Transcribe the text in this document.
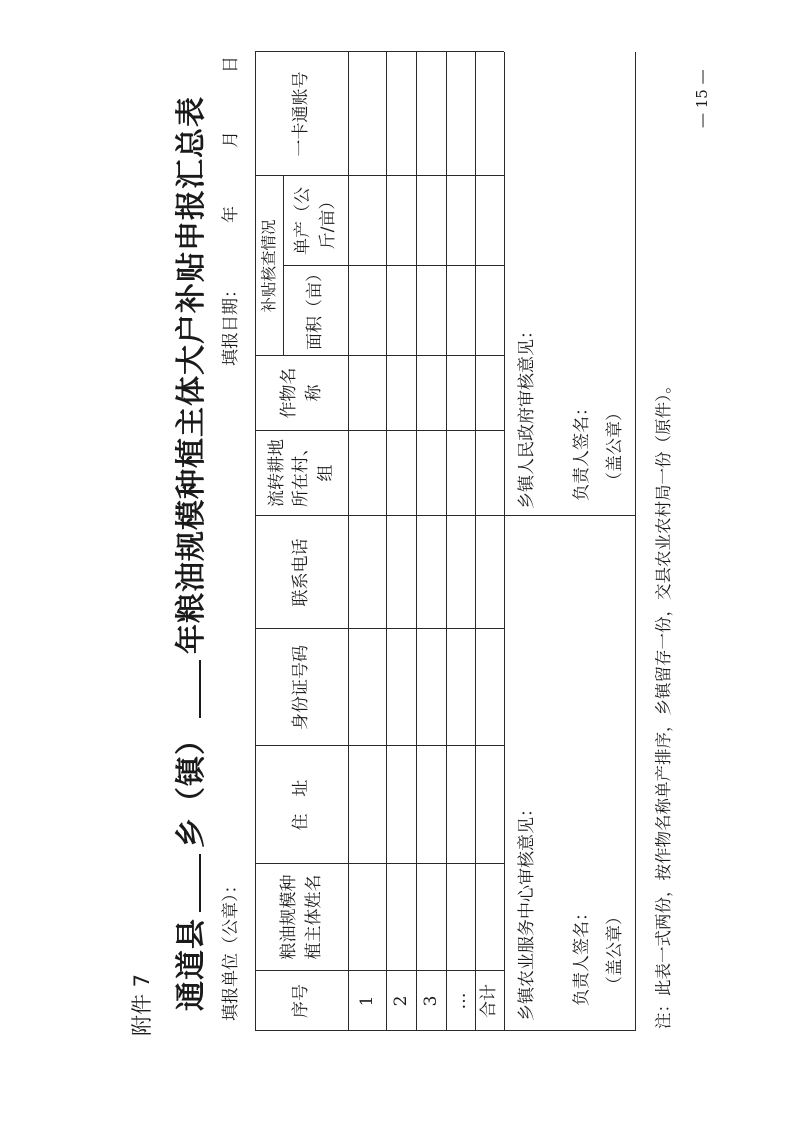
附件 7 通道县乡（镇）年粮油规模种植主体大户补贴申报汇总表
填报单位（公章）：
填报日期：年月日
序号
粮油规模种植主体姓名
住　址
身份证号码
联系电话
流转耕地所在村、组
补贴核查情况
作物名称
面积（亩）
单产（公斤/亩）
一卡通账号
1 2 3 … 合计 乡镇农业服务中心审核意见： 负责人签名： （盖公章）
乡镇人民政府审核意见： 负责人签名： （盖公章） 注：此表一式两份，按作物名称单产排序，乡镇留存一份，交县农业农村局一份（原件）。
— 15 —
